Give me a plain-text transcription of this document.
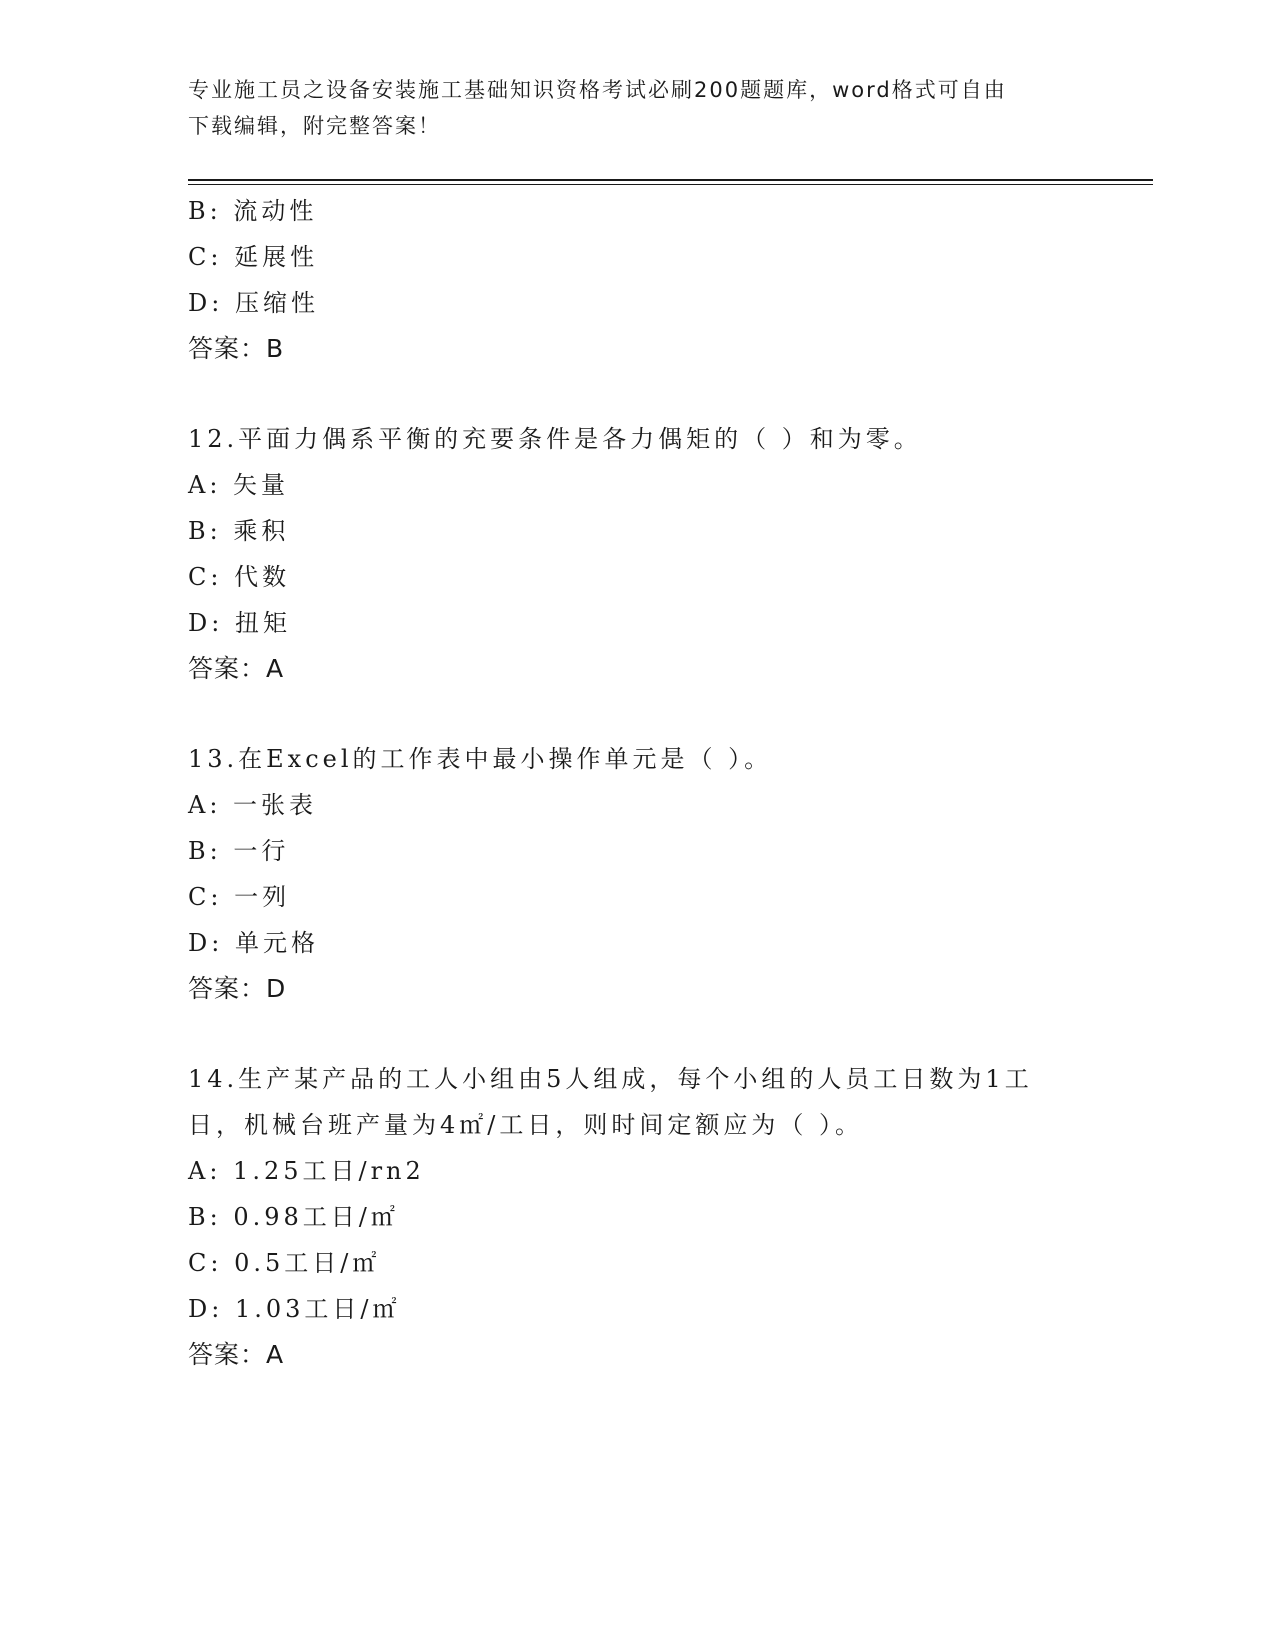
专业施工员之设备安装施工基础知识资格考试必刷200题题库，word格式可自由
下载编辑，附完整答案！
B: 流动性
C: 延展性
D: 压缩性
答案：B
12.平面力偶系平衡的充要条件是各力偶矩的（ ）和为零。
A: 矢量
B: 乘积
C: 代数
D: 扭矩
答案：A
13.在Excel的工作表中最小操作单元是（ ）。
A: 一张表
B: 一行
C: 一列
D: 单元格
答案：D
14.生产某产品的工人小组由5人组成，每个小组的人员工日数为1工日，机械台班产量为4㎡/工日，则时间定额应为（ ）。
A: 1.25工日/rn2
B: 0.98工日/㎡
C: 0.5工日/㎡
D: 1.03工日/㎡
答案：A
